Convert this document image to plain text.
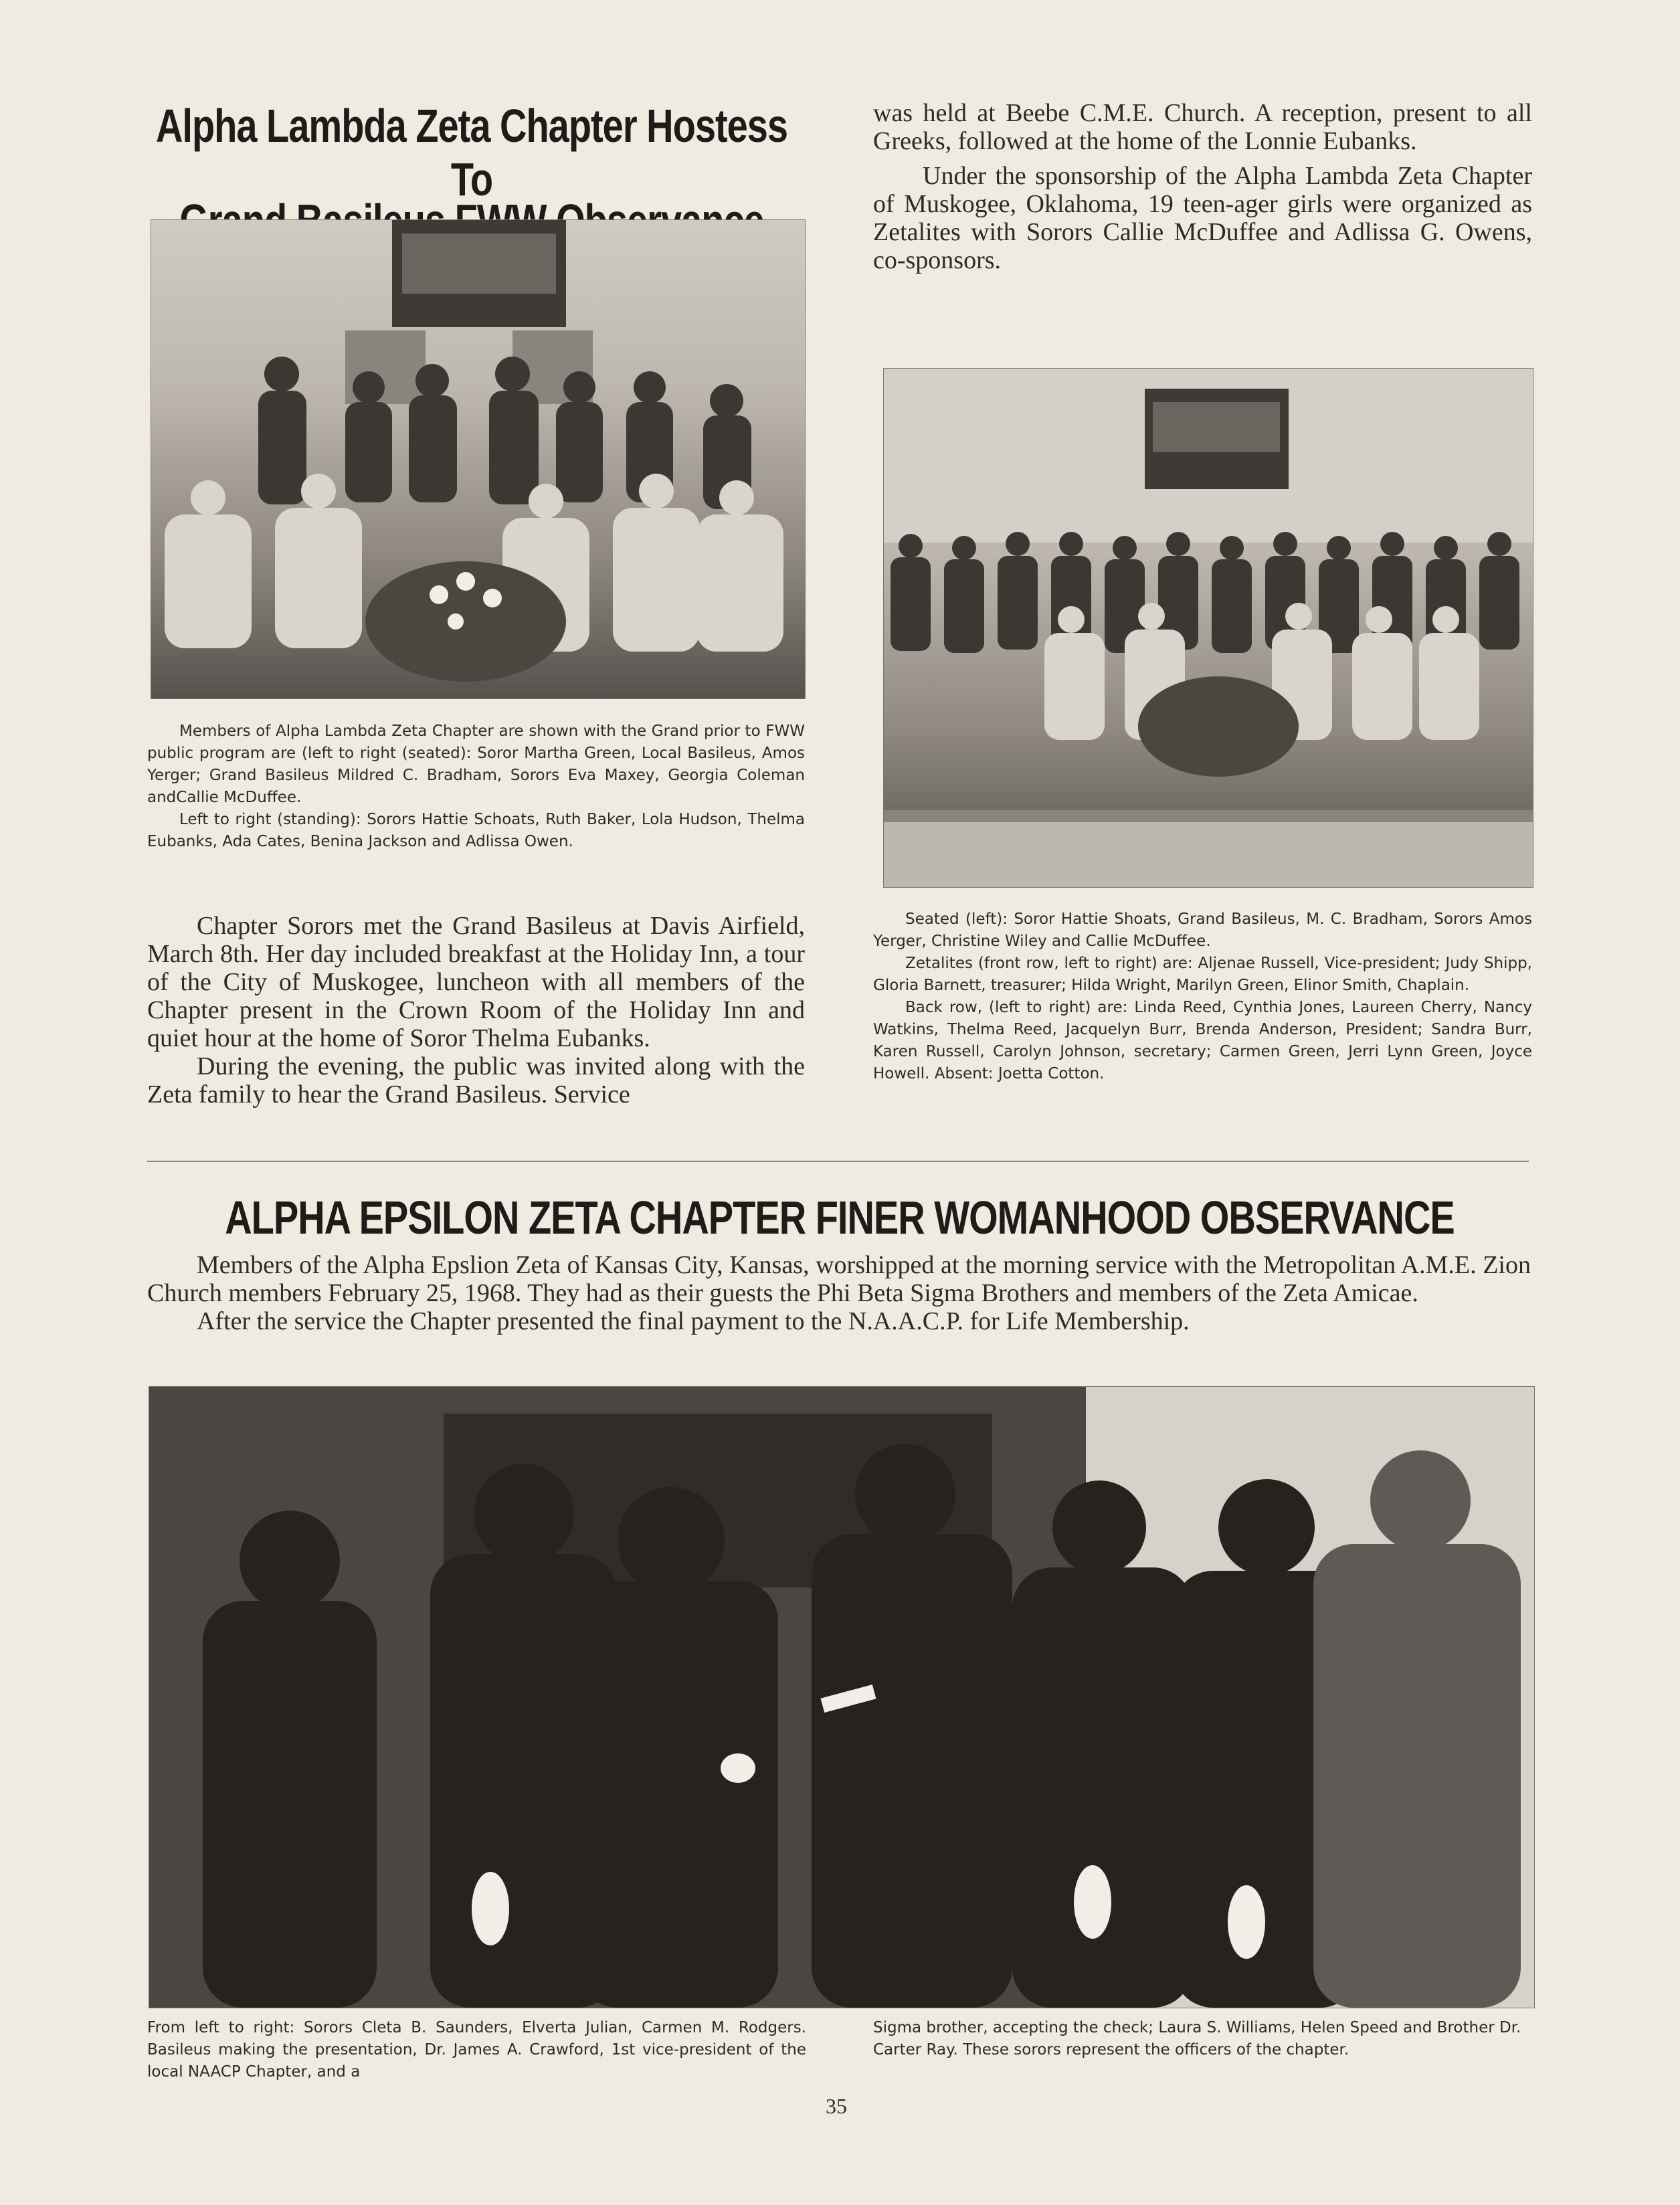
Alpha Lambda Zeta Chapter Hostess To

Members of Alpha Lambda Zeta Chapter are shown with the Grand prior to FWW public program are (left to right (seated): Soror Martha Green, Local Basileus, Amos Yerger; Grand Basileus Mildred C. Bradham, Sorors Eva Maxey, Georgia Coleman andCallie McDuffee.

Left to right (standing): Sorors Hattie Schoats, Ruth Baker, Lola Hudson, Thelma Eubanks, Ada Cates, Benina Jackson and Adlissa Owen.

Chapter Sorors met the Grand Basileus at Davis Airfield, March 8th. Her day included breakfast at the Holiday Inn, a tour of the City of Muskogee, luncheon with all members of the Chapter present in the Crown Room of the Holiday Inn and quiet hour at the home of Soror Thelma Eubanks.

During the evening, the public was invited along with the Zeta family to hear the Grand Basileus. Service

was held at Beebe C.M.E. Church. A reception, present to all Greeks, followed at the home of the Lonnie Eubanks.

Under the sponsorship of the Alpha Lambda Zeta Chapter of Muskogee, Oklahoma, 19 teen-ager girls were organized as Zetalites with Sorors Callie McDuffee and Adlissa G. Owens, co-sponsors.

Seated (left): Soror Hattie Shoats, Grand Basileus, M. C. Bradham, Sorors Amos Yerger, Christine Wiley and Callie McDuffee.

Zetalites (front row, left to right) are: Aljenae Russell, Vice-president; Judy Shipp, Gloria Barnett, treasurer; Hilda Wright, Marilyn Green, Elinor Smith, Chaplain.

Back row, (left to right) are: Linda Reed, Cynthia Jones, Laureen Cherry, Nancy Watkins, Thelma Reed, Jacquelyn Burr, Brenda Anderson, President; Sandra Burr, Karen Russell, Carolyn Johnson, secretary; Carmen Green, Jerri Lynn Green, Joyce Howell. Absent: Joetta Cotton.

ALPHA EPSILON ZETA CHAPTER FINER WOMANHOOD OBSERVANCE

Members of the Alpha Epslion Zeta of Kansas City, Kansas, worshipped at the morning service with the Metropolitan A.M.E. Zion Church members February 25, 1968. They had as their guests the Phi Beta Sigma Brothers and members of the Zeta Amicae.

After the service the Chapter presented the final payment to the N.A.A.C.P. for Life Membership.

From left to right: Sorors Cleta B. Saunders, Elverta Julian, Carmen M. Rodgers. Basileus making the presentation, Dr. James A. Crawford, 1st vice-president of the local NAACP Chapter, and a
Sigma brother, accepting the check; Laura S. Williams, Helen Speed and Brother Dr. Carter Ray. These sorors represent the officers of the chapter.
35
